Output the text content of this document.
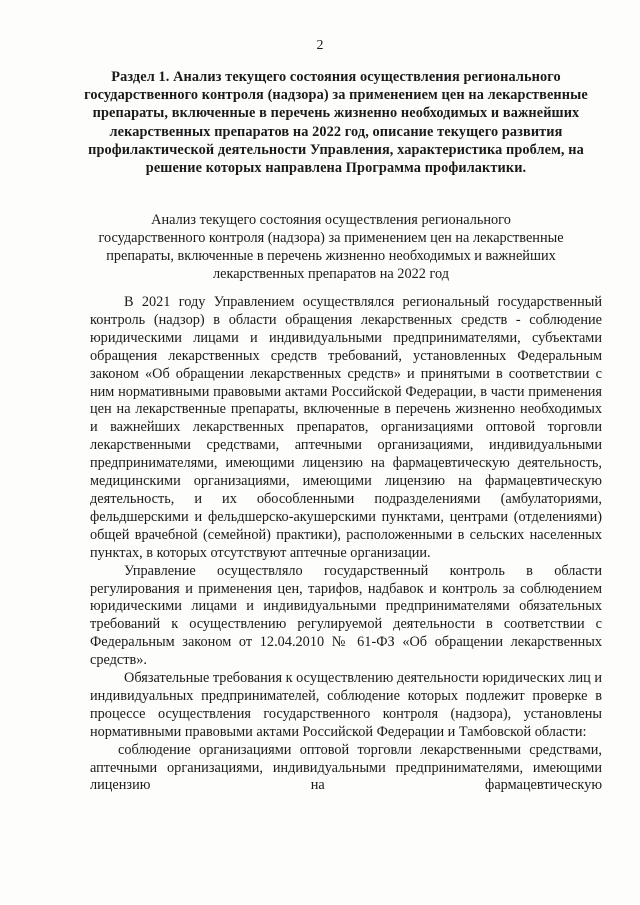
2
Раздел 1. Анализ текущего состояния осуществления регионального государственного контроля (надзора) за применением цен на лекарственные препараты, включенные в перечень жизненно необходимых и важнейших лекарственных препаратов на 2022 год, описание текущего развития профилактической деятельности Управления, характеристика проблем, на решение которых направлена Программа профилактики.
Анализ текущего состояния осуществления регионального государственного контроля (надзора) за применением цен на лекарственные препараты, включенные в перечень жизненно необходимых и важнейших лекарственных препаратов на 2022 год

В 2021 году Управлением осуществлялся региональный государственный контроль (надзор) в области обращения лекарственных средств - соблюдение юридическими лицами и индивидуальными предпринимателями, субъектами обращения лекарственных средств требований, установленных Федеральным законом «Об обращении лекарственных средств» и принятыми в соответствии с ним нормативными правовыми актами Российской Федерации, в части применения цен на лекарственные препараты, включенные в перечень жизненно необходимых и важнейших лекарственных препаратов, организациями оптовой торговли лекарственными средствами, аптечными организациями, индивидуальными предпринимателями, имеющими лицензию на фармацевтическую деятельность, медицинскими организациями, имеющими лицензию на фармацевтическую деятельность, и их обособленными подразделениями (амбулаториями, фельдшерскими и фельдшерско-акушерскими пунктами, центрами (отделениями) общей врачебной (семейной) практики), расположенными в сельских населенных пунктах, в которых отсутствуют аптечные организации.

Управление осуществляло государственный контроль в области регулирования и применения цен, тарифов, надбавок и контроль за соблюдением юридическими лицами и индивидуальными предпринимателями обязательных требований к осуществлению регулируемой деятельности в соответствии с Федеральным законом от 12.04.2010 № 61-ФЗ «Об обращении лекарственных средств».

Обязательные требования к осуществлению деятельности юридических лиц и индивидуальных предпринимателей, соблюдение которых подлежит проверке в процессе осуществления государственного контроля (надзора), установлены нормативными правовыми актами Российской Федерации и Тамбовской области:

соблюдение организациями оптовой торговли лекарственными средствами, аптечными организациями, индивидуальными предпринимателями, имеющими лицензию на фармацевтическую
